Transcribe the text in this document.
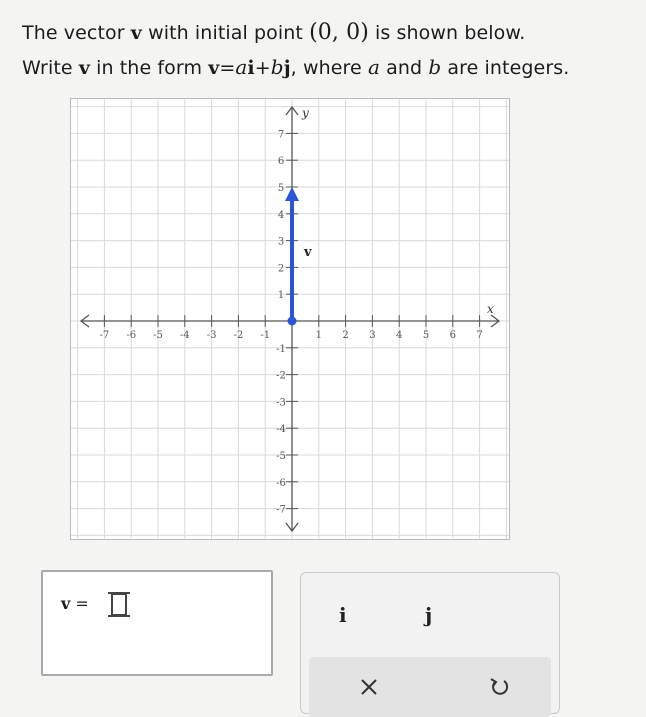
The vector v with initial point (0, 0) is shown below.
Write v in the form v=ai+bj, where a and b are integers.
-7 -6 -5 -4 -3 -2 -1	1 2 3 4 5 6 7
7
6
5
4
3
2
1
-1
-2
-3
-4
-5
-6
-7
x
y
v
v =	i	j
